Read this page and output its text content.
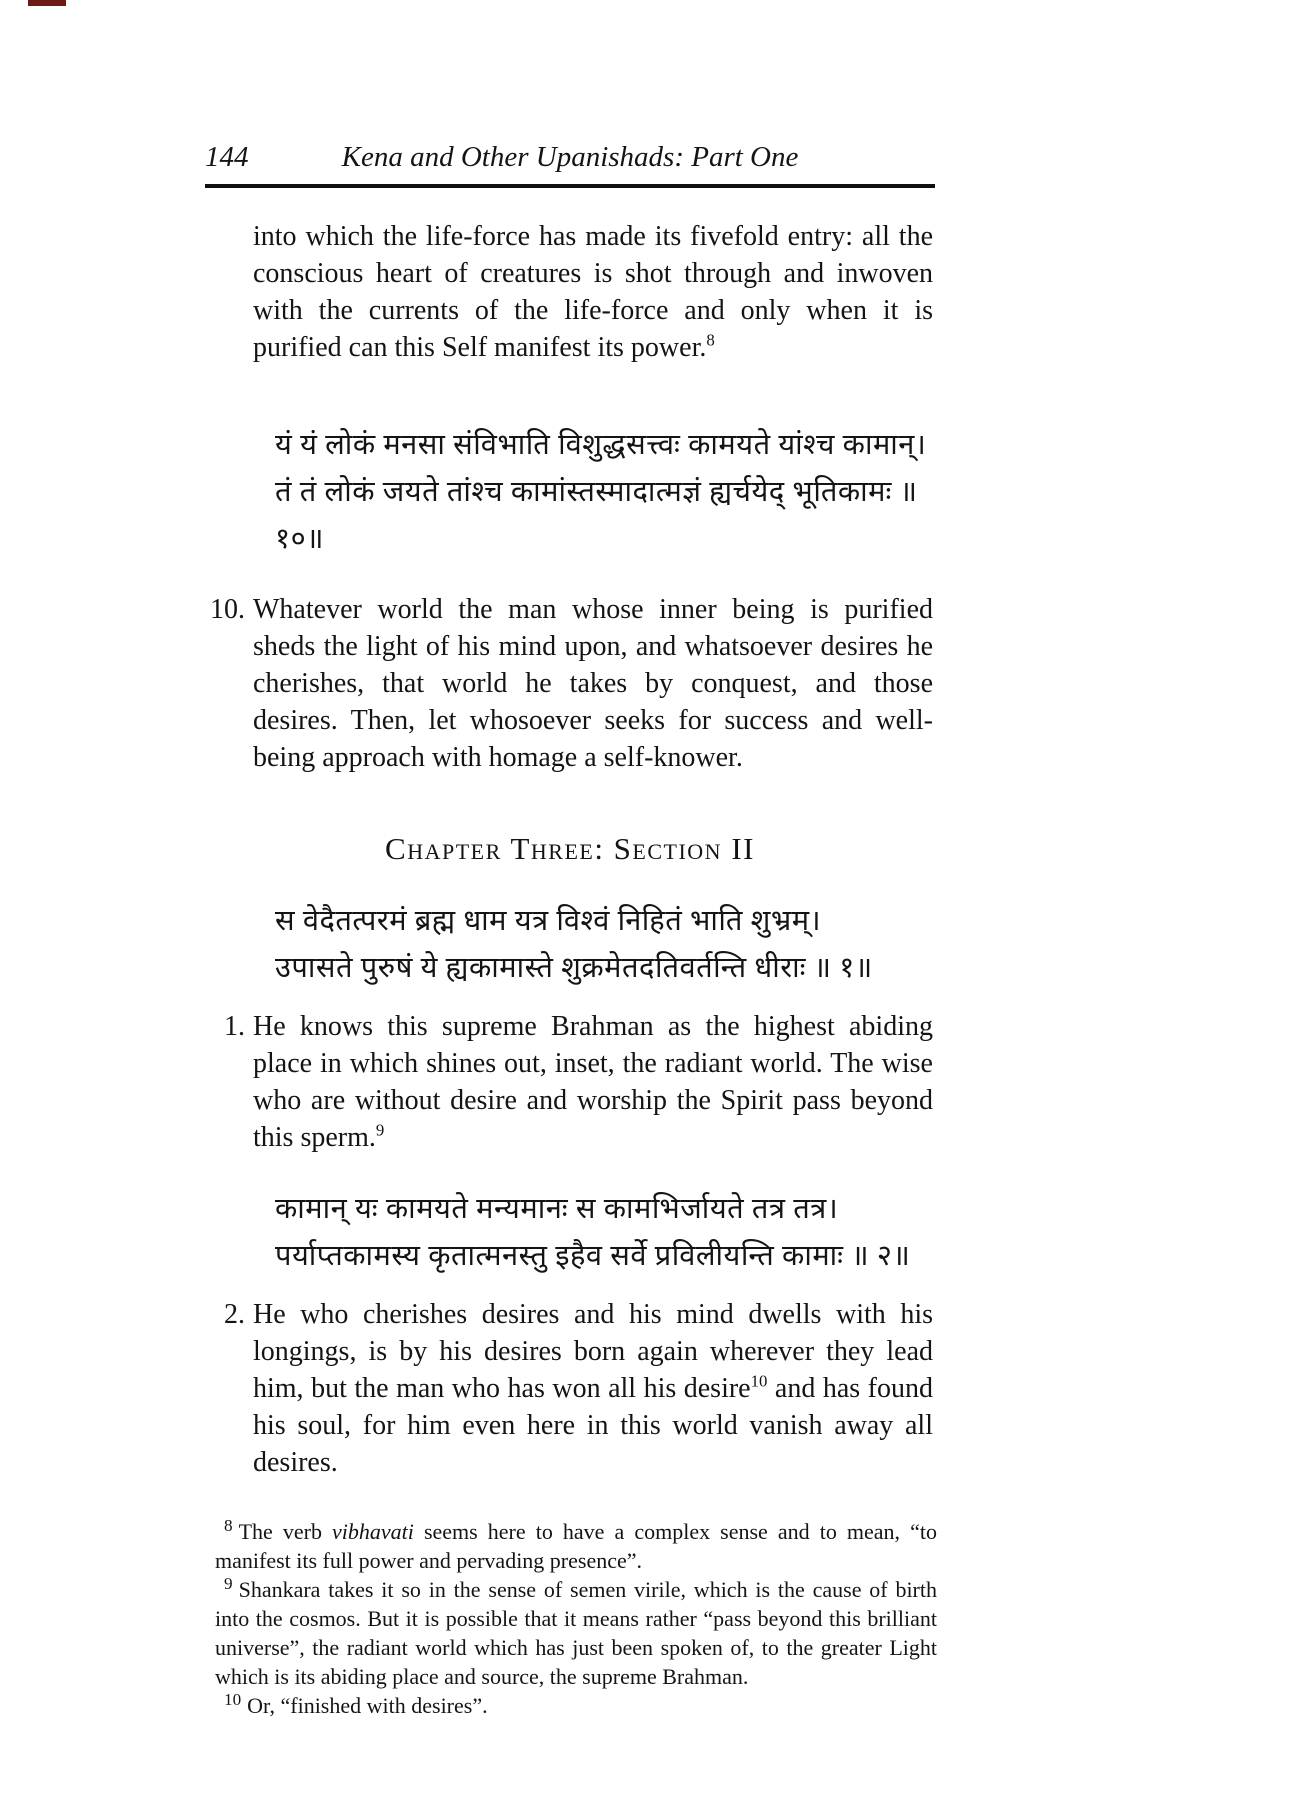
144	Kena and Other Upanishads: Part One

into which the life-force has made its fivefold entry: all the conscious heart of creatures is shot through and inwoven with the currents of the life-force and only when it is purified can this Self manifest its power.$^8$

यं यं लोकं मनसा संविभाति विशुद्धसत्त्वः कामयते यांश्च कामान्।
तं तं लोकं जयते तांश्च कामांस्तस्मादात्मज्ञं ह्यर्चयेद् भूतिकामः ॥ १०॥
10. Whatever world the man whose inner being is purified sheds the light of his mind upon, and whatsoever desires he cherishes, that world he takes by conquest, and those desires. Then, let whosoever seeks for success and well-being approach with homage a self-knower.
Chapter Three: Section II
स वेदैतत्परमं ब्रह्म धाम यत्र विश्वं निहितं भाति शुभ्रम्।
उपासते पुरुषं ये ह्यकामास्ते शुक्रमेतदतिवर्तन्ति धीराः ॥ १॥
1. He knows this supreme Brahman as the highest abiding place in which shines out, inset, the radiant world. The wise who are without desire and worship the Spirit pass beyond this sperm.$^9$
कामान् यः कामयते मन्यमानः स कामभिर्जायते तत्र तत्र।
पर्याप्तकामस्य कृतात्मनस्तु इहैव सर्वे प्रविलीयन्ति कामाः ॥ २॥
2. He who cherishes desires and his mind dwells with his longings, is by his desires born again wherever they lead him, but the man who has won all his desire$^{10}$ and has found his soul, for him even here in this world vanish away all desires.

$^8$ The verb vibhavati seems here to have a complex sense and to mean, “to manifest its full power and pervading presence”.

$^9$ Shankara takes it so in the sense of semen virile, which is the cause of birth into the cosmos. But it is possible that it means rather “pass beyond this brilliant universe”, the radiant world which has just been spoken of, to the greater Light which is its abiding place and source, the supreme Brahman.

$^{10}$ Or, “finished with desires”.
